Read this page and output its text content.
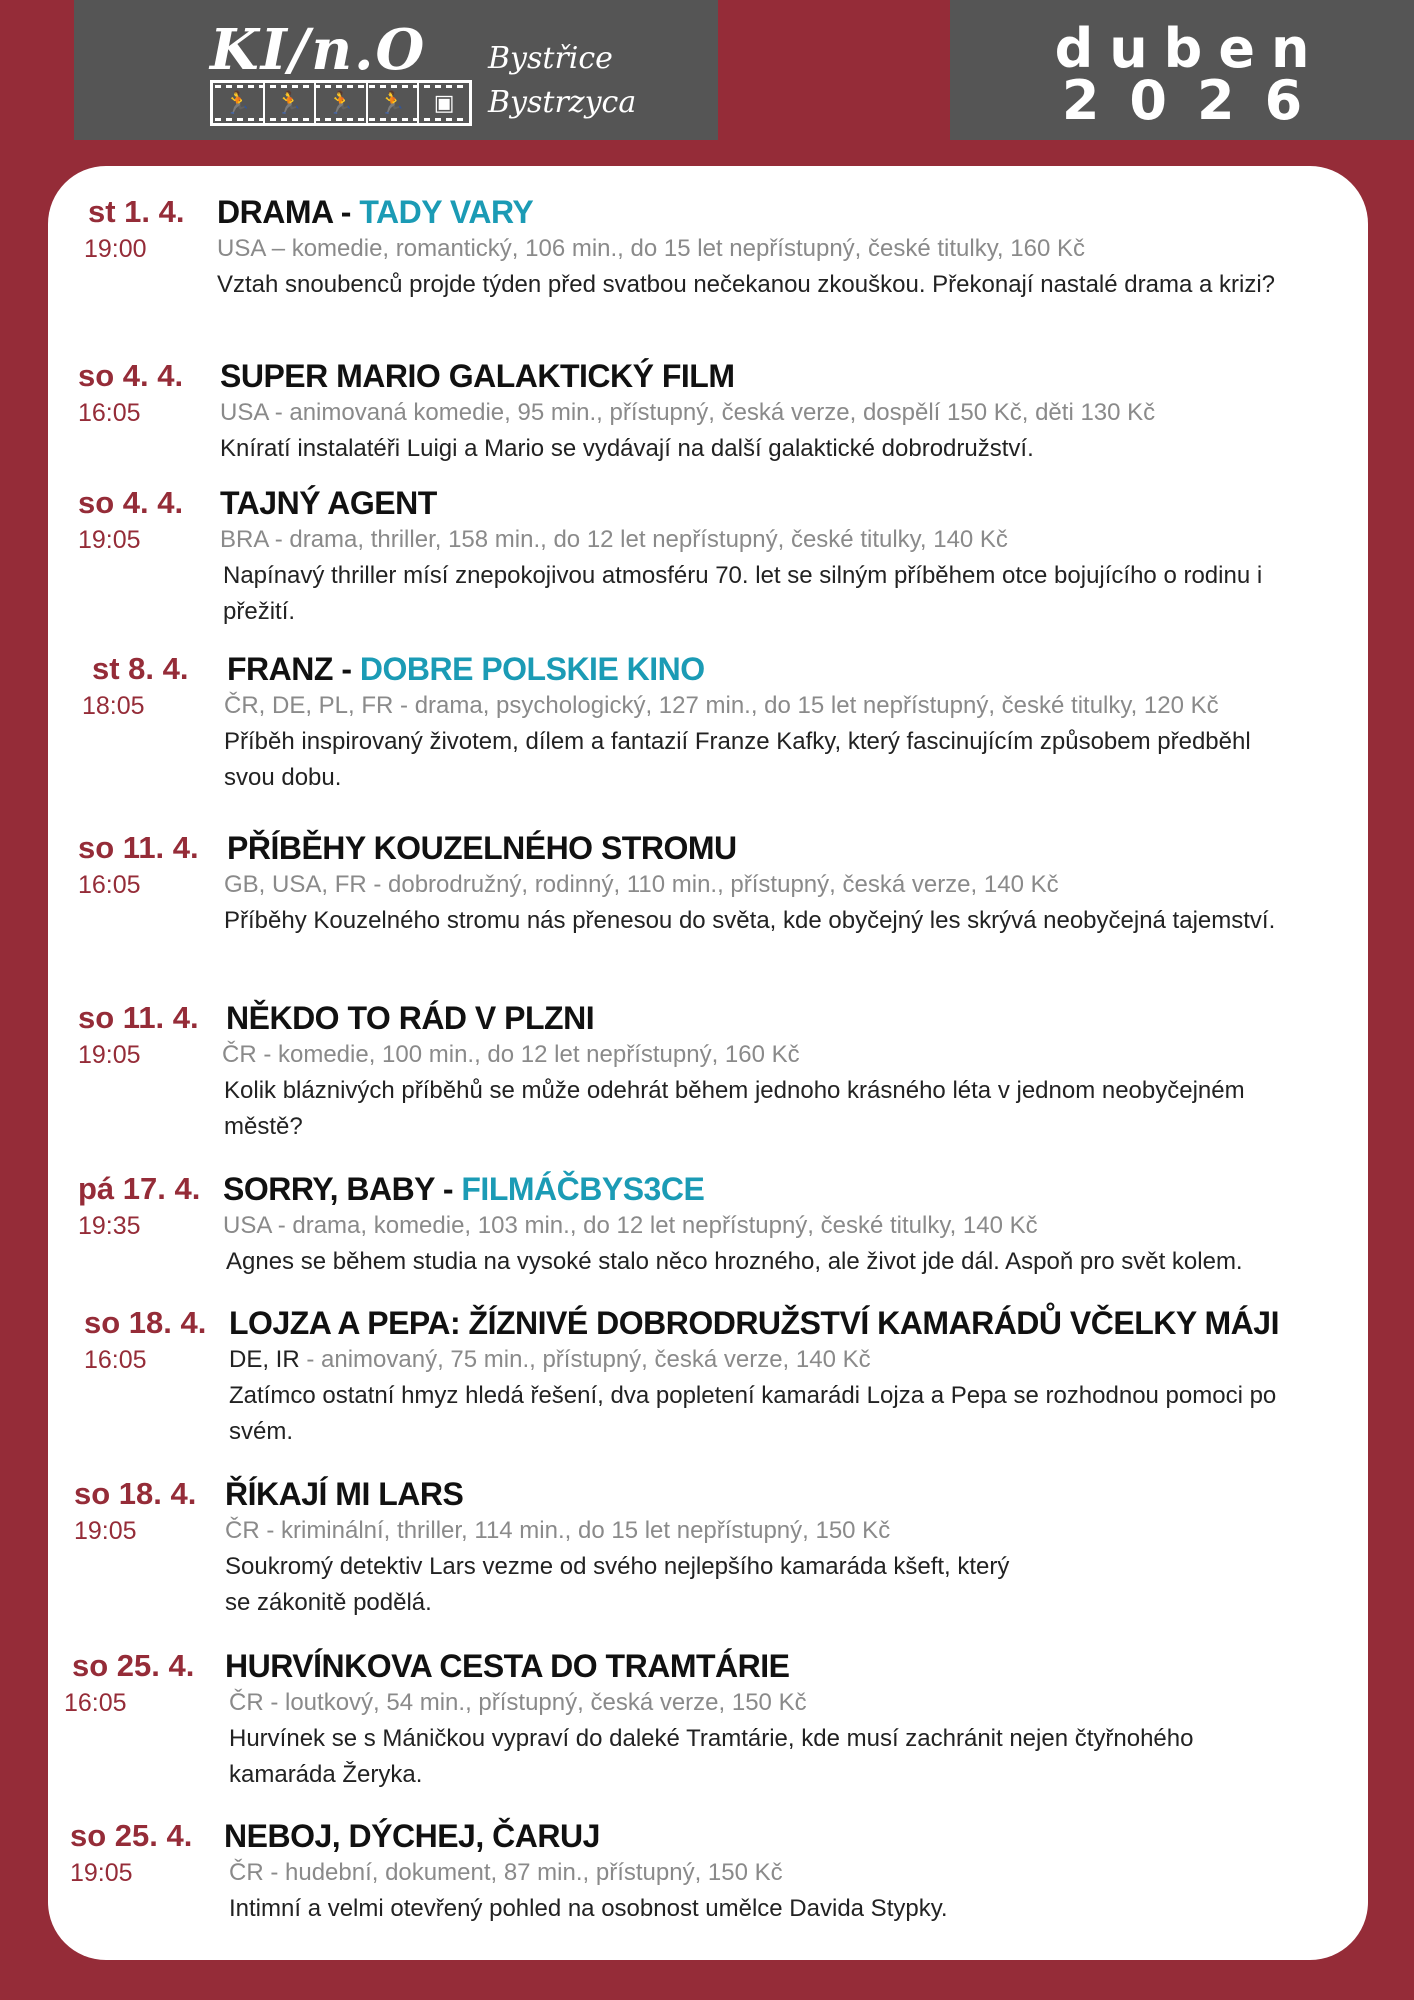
KI/n.O
🏃	🏃	🏃	🏃	▣
Bystřice
Bystrzyca
duben
2026
st 1. 4.
19:00
DRAMA - TADY VARY
USA – komedie, romantický, 106 min., do 15 let nepřístupný, české titulky, 160 Kč
Vztah snoubenců projde týden před svatbou nečekanou zkouškou. Překonají nastalé drama a krizi?
so 4. 4.
16:05
SUPER MARIO GALAKTICKÝ FILM
USA - animovaná komedie, 95 min., přístupný, česká verze, dospělí 150 Kč, děti 130 Kč
Kníratí instalatéři Luigi a Mario se vydávají na další galaktické dobrodružství.
so 4. 4.
19:05
TAJNÝ AGENT
BRA - drama, thriller, 158 min., do 12 let nepřístupný, české titulky, 140 Kč
Napínavý thriller mísí znepokojivou atmosféru 70. let se silným příběhem otce bojujícího o rodinu i přežití.
st 8. 4.
18:05
FRANZ - DOBRE POLSKIE KINO
ČR, DE, PL, FR - drama, psychologický, 127 min., do 15 let nepřístupný, české titulky, 120 Kč
Příběh inspirovaný životem, dílem a fantazií Franze Kafky, který fascinujícím způsobem předběhl svou dobu.
so 11. 4.
16:05
PŘÍBĚHY KOUZELNÉHO STROMU
GB, USA, FR - dobrodružný, rodinný, 110 min., přístupný, česká verze, 140 Kč
Příběhy Kouzelného stromu nás přenesou do světa, kde obyčejný les skrývá neobyčejná tajemství.
so 11. 4.
19:05
NĚKDO TO RÁD V PLZNI
ČR - komedie, 100 min., do 12 let nepřístupný, 160 Kč
Kolik bláznivých příběhů se může odehrát během jednoho krásného léta v jednom neobyčejném městě?
pá 17. 4.
19:35
SORRY, BABY - FILMÁČBYS3CE
USA - drama, komedie, 103 min., do 12 let nepřístupný, české titulky, 140 Kč
Agnes se během studia na vysoké stalo něco hrozného, ale život jde dál. Aspoň pro svět kolem.
so 18. 4.
16:05
LOJZA A PEPA: ŽÍZNIVÉ DOBRODRUŽSTVÍ KAMARÁDŮ VČELKY MÁJI
DE, IR - animovaný, 75 min., přístupný, česká verze, 140 Kč
Zatímco ostatní hmyz hledá řešení, dva popletení kamarádi Lojza a Pepa se rozhodnou pomoci po svém.
so 18. 4.
19:05
ŘÍKAJÍ MI LARS
ČR - kriminální, thriller, 114 min., do 15 let nepřístupný, 150 Kč
Soukromý detektiv Lars vezme od svého nejlepšího kamaráda kšeft, který se zákonitě podělá.
so 25. 4.
16:05
HURVÍNKOVA CESTA DO TRAMTÁRIE
ČR - loutkový, 54 min., přístupný, česká verze, 150 Kč
Hurvínek se s Máničkou vypraví do daleké Tramtárie, kde musí zachránit nejen čtyřnohého kamaráda Žeryka.
so 25. 4.
19:05
NEBOJ, DÝCHEJ, ČARUJ
ČR - hudební, dokument, 87 min., přístupný, 150 Kč
Intimní a velmi otevřený pohled na osobnost umělce Davida Stypky.
